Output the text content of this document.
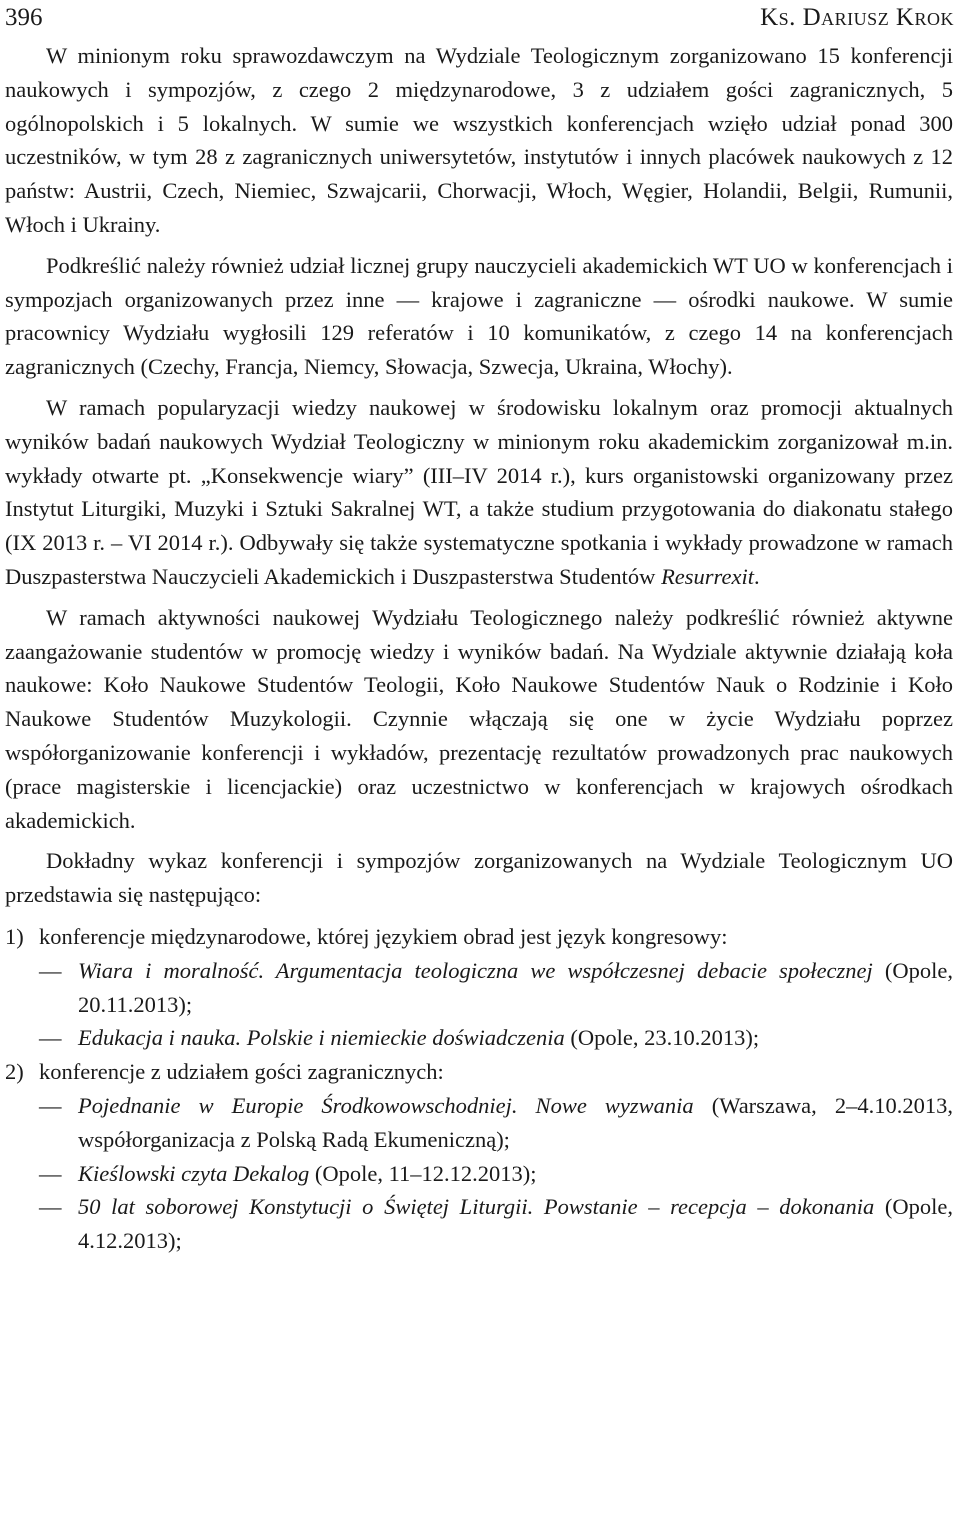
396	Ks. Dariusz Krok

W minionym roku sprawozdawczym na Wydziale Teologicznym zorganizowano 15 konferencji naukowych i sympozjów, z czego 2 międzynarodowe, 3 z udziałem gości zagranicznych, 5 ogólnopolskich i 5 lokalnych. W sumie we wszystkich konferencjach wzięło udział ponad 300 uczestników, w tym 28 z zagranicznych uniwersytetów, instytutów i innych placówek naukowych z 12 państw: Austrii, Czech, Niemiec, Szwajcarii, Chorwacji, Włoch, Węgier, Holandii, Belgii, Rumunii, Włoch i Ukrainy.

Podkreślić należy również udział licznej grupy nauczycieli akademickich WT UO w konferencjach i sympozjach organizowanych przez inne — krajowe i zagraniczne — ośrodki naukowe. W sumie pracownicy Wydziału wygłosili 129 referatów i 10 komunikatów, z czego 14 na konferencjach zagranicznych (Czechy, Francja, Niemcy, Słowacja, Szwecja, Ukraina, Włochy).

W ramach popularyzacji wiedzy naukowej w środowisku lokalnym oraz promocji aktualnych wyników badań naukowych Wydział Teologiczny w minionym roku akademickim zorganizował m.in. wykłady otwarte pt. „Konsekwencje wiary” (III–IV 2014 r.), kurs organistowski organizowany przez Instytut Liturgiki, Muzyki i Sztuki Sakralnej WT, a także studium przygotowania do diakonatu stałego (IX 2013 r. – VI 2014 r.). Odbywały się także systematyczne spotkania i wykłady prowadzone w ramach Duszpasterstwa Nauczycieli Akademickich i Duszpasterstwa Studentów Resurrexit.

W ramach aktywności naukowej Wydziału Teologicznego należy podkreślić również aktywne zaangażowanie studentów w promocję wiedzy i wyników badań. Na Wydziale aktywnie działają koła naukowe: Koło Naukowe Studentów Teologii, Koło Naukowe Studentów Nauk o Rodzinie i Koło Naukowe Studentów Muzykologii. Czynnie włączają się one w życie Wydziału poprzez współorganizowanie konferencji i wykładów, prezentację rezultatów prowadzonych prac naukowych (prace magisterskie i licencjackie) oraz uczestnictwo w konferencjach w krajowych ośrodkach akademickich.

Dokładny wykaz konferencji i sympozjów zorganizowanych na Wydziale Teologicznym UO przedstawia się następująco:

1) konferencje międzynarodowe, której językiem obrad jest język kongresowy:
— Wiara i moralność. Argumentacja teologiczna we współczesnej debacie społecznej (Opole, 20.11.2013);
— Edukacja i nauka. Polskie i niemieckie doświadczenia (Opole, 23.10.2013);
2) konferencje z udziałem gości zagranicznych:
— Pojednanie w Europie Środkowowschodniej. Nowe wyzwania (Warszawa, 2–4.10.2013, współorganizacja z Polską Radą Ekumeniczną);
— Kieślowski czyta Dekalog (Opole, 11–12.12.2013);
— 50 lat soborowej Konstytucji o Świętej Liturgii. Powstanie – recepcja – dokonania (Opole, 4.12.2013);
